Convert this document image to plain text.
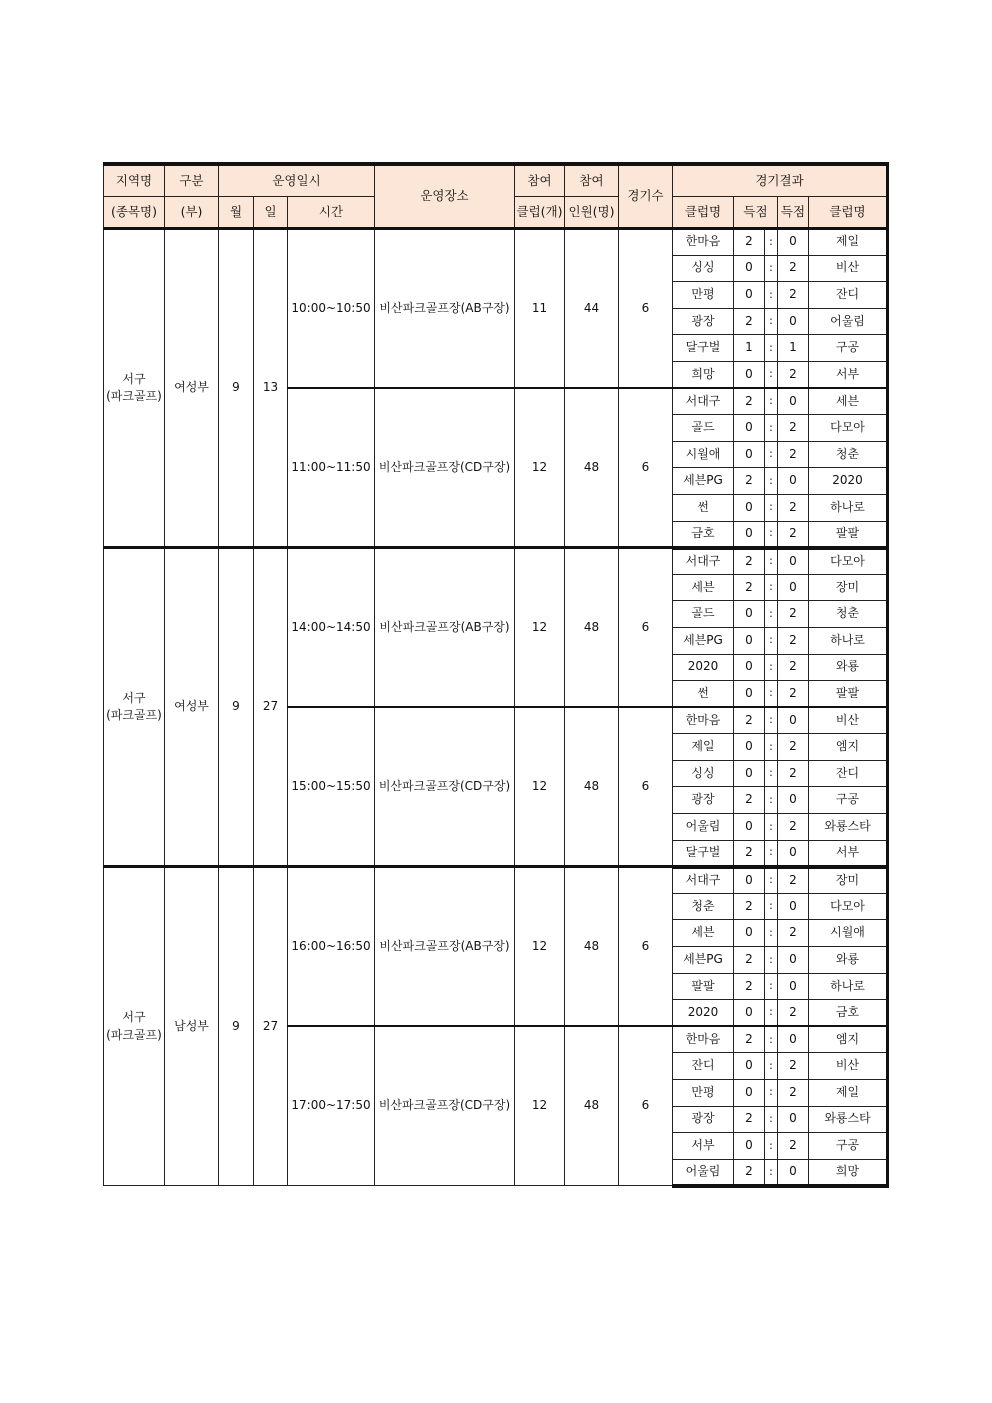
지역명	구분	운영일시			운영장소	참여	참여	경기수	경기결과				
(종목명)	(부)	월	일	시간		클럽(개)	인원(명)		클럽명	득점		득점	클럽명

서구
(파크골프)	여성부	9	13	10:00~10:50	비산파크골프장(AB구장)	11	44	6	한마음	2	:	0	제일
									싱싱	0	:	2	비산
									만평	0	:	2	잔디
									광장	2	:	0	어울림
									달구벌	1	:	1	구공
									희망	0	:	2	서부
				11:00~11:50	비산파크골프장(CD구장)	12	48	6	서대구	2	:	0	세븐
									골드	0	:	2	다모아
									시월애	0	:	2	청춘
									세븐PG	2	:	0	2020
									썬	0	:	2	하나로
									금호	0	:	2	팔팔

서구
(파크골프)	여성부	9	27	14:00~14:50	비산파크골프장(AB구장)	12	48	6	서대구	2	:	0	다모아
									세븐	2	:	0	장미
									골드	0	:	2	청춘
									세븐PG	0	:	2	하나로
									2020	0	:	2	와룡
									썬	0	:	2	팔팔
				15:00~15:50	비산파크골프장(CD구장)	12	48	6	한마음	2	:	0	비산
									제일	0	:	2	엠지
									싱싱	0	:	2	잔디
									광장	2	:	0	구공
									어울림	0	:	2	와룡스타
									달구벌	2	:	0	서부

서구
(파크골프)	남성부	9	27	16:00~16:50	비산파크골프장(AB구장)	12	48	6	서대구	0	:	2	장미
									청춘	2	:	0	다모아
									세븐	0	:	2	시월애
									세븐PG	2	:	0	와룡
									팔팔	2	:	0	하나로
									2020	0	:	2	금호
				17:00~17:50	비산파크골프장(CD구장)	12	48	6	한마음	2	:	0	엠지
									잔디	0	:	2	비산
									만평	0	:	2	제일
									광장	2	:	0	와룡스타
									서부	0	:	2	구공
									어울림	2	:	0	희망
